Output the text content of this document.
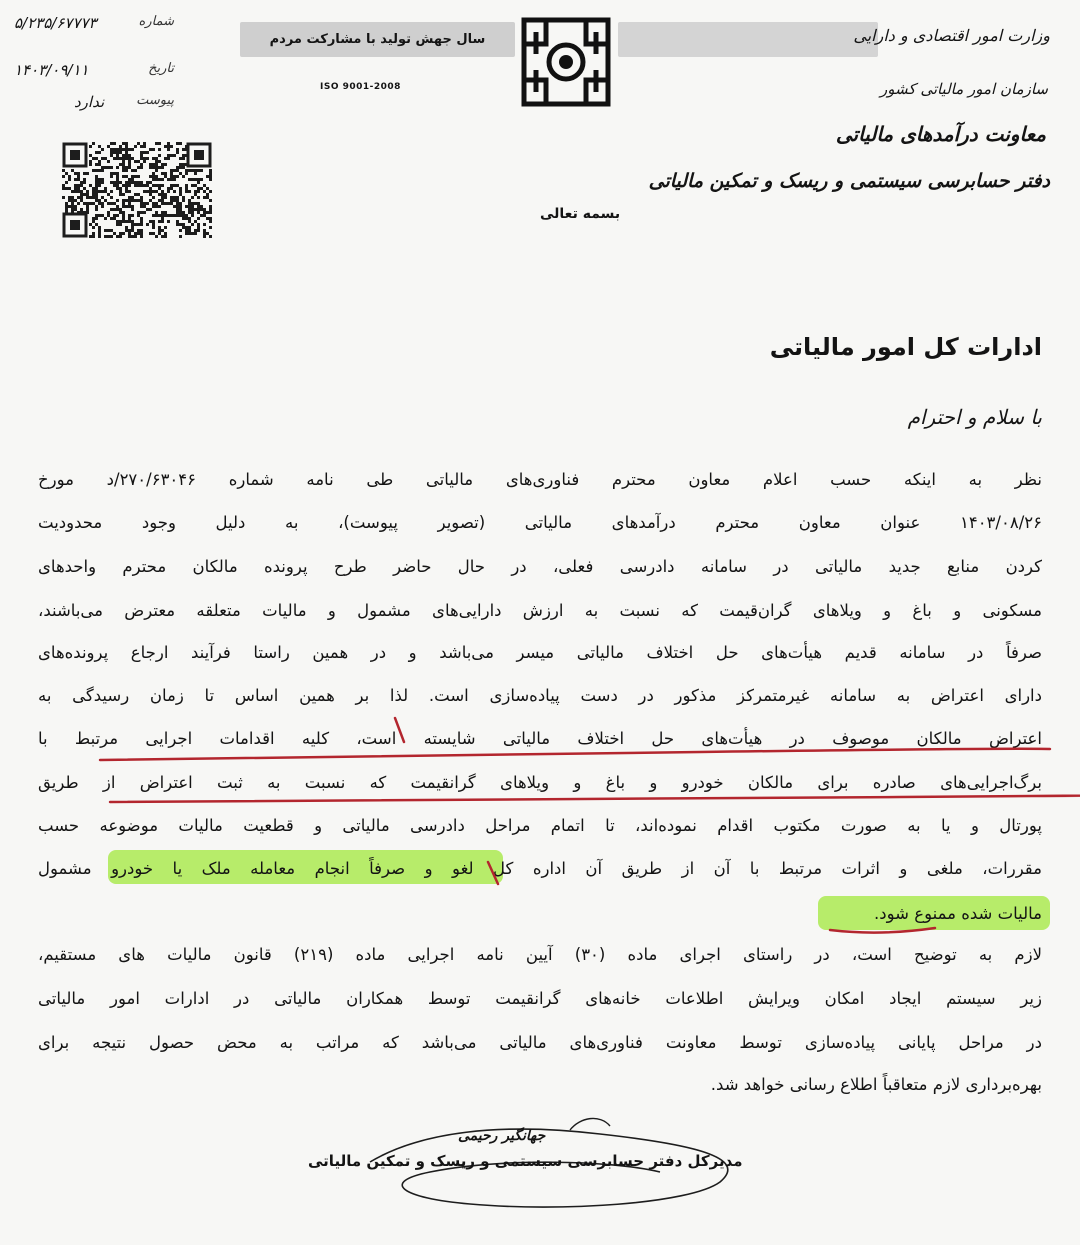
شماره
۵/۲۳۵/۶۷۷۷۳
تاریخ
۱۴۰۳/۰۹/۱۱
پیوست
ندارد
سال جهش تولید با مشارکت مردم
ISO 9001-2008
وزارت امور اقتصادی و دارایی
سازمان امور مالیاتی کشور
معاونت درآمدهای مالیاتی
دفتر حسابرسی سیستمی و ریسک و تمکین مالیاتی
بسمه تعالی
ادارات کل امور مالیاتی
با سلام و احترام
نظر به اینکه حسب اعلام معاون محترم فناوری‌های مالیاتی طی نامه شماره ۲۷۰/۶۳۰۴۶/د مورخ
۱۴۰۳/۰۸/۲۶ عنوان معاون محترم درآمدهای مالیاتی (تصویر پیوست)، به دلیل وجود محدودیت
کردن منابع جدید مالیاتی در سامانه دادرسی فعلی، در حال حاضر طرح پرونده مالکان محترم واحدهای
مسکونی و باغ و ویلاهای گران‌قیمت که نسبت به ارزش دارایی‌های مشمول و مالیات متعلقه معترض می‌باشند،
صرفاً در سامانه قدیم هیأت‌های حل اختلاف مالیاتی میسر می‌باشد و در همین راستا فرآیند ارجاع پرونده‌های
دارای اعتراض به سامانه غیرمتمرکز مذکور در دست پیاده‌سازی است. لذا بر همین اساس تا زمان رسیدگی به
اعتراض مالکان موصوف در هیأت‌های حل اختلاف مالیاتی شایسته است، کلیه اقدامات اجرایی مرتبط با
برگ‌اجرایی‌های صادره برای مالکان خودرو و باغ و ویلاهای گرانقیمت که نسبت به ثبت اعتراض از طریق
پورتال و یا به صورت مکتوب اقدام نموده‌اند، تا اتمام مراحل دادرسی مالیاتی و قطعیت مالیات موضوعه حسب
مقررات، ملغی و اثرات مرتبط با آن از طریق آن اداره کل لغو و صرفاً انجام معامله ملک یا خودرو مشمول
مالیات شده ممنوع شود.
لازم به توضیح است، در راستای اجرای ماده (۳۰) آیین نامه اجرایی ماده (۲۱۹) قانون مالیات های مستقیم،
زیر سیستم ایجاد امکان ویرایش اطلاعات خانه‌های گرانقیمت توسط همکاران مالیاتی در ادارات امور مالیاتی
در مراحل پایانی پیاده‌سازی توسط معاونت فناوری‌های مالیاتی می‌باشد که مراتب به محض حصول نتیجه برای
بهره‌برداری لازم متعاقباً اطلاع رسانی خواهد شد.
جهانگیر رحیمی
مدیرکل دفتر حسابرسی سیستمی و ریسک و تمکین مالیاتی
